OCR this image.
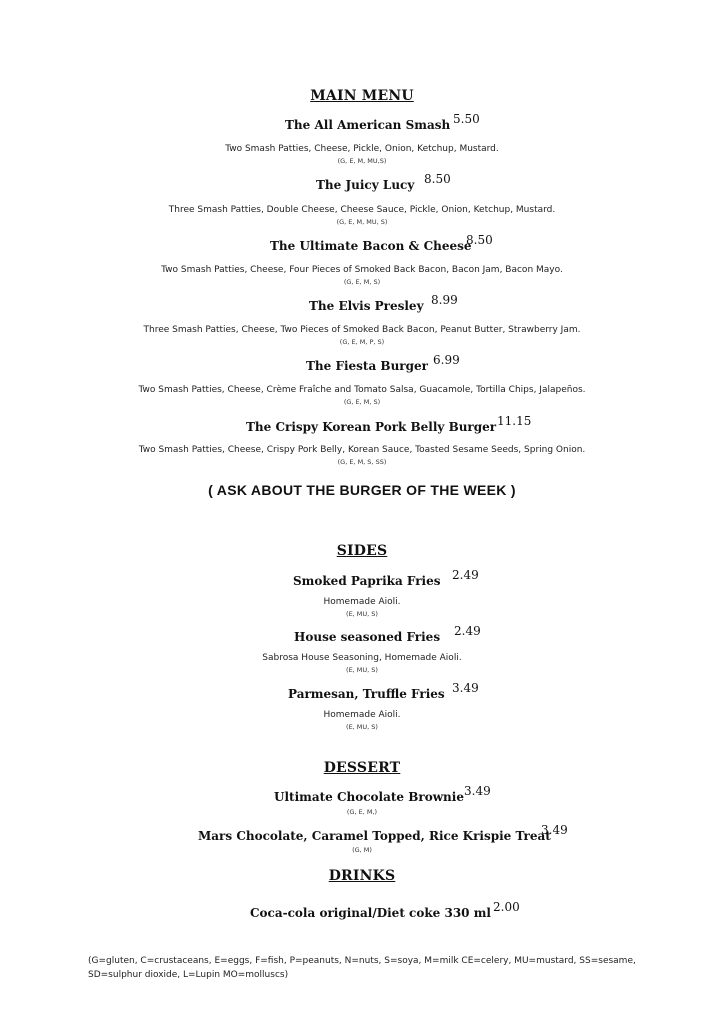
MAIN MENU
The All American Smash 5.50
Two Smash Patties, Cheese, Pickle, Onion, Ketchup, Mustard.
(G, E, M, MU,S)
The Juicy Lucy 8.50
Three Smash Patties, Double Cheese, Cheese Sauce, Pickle, Onion, Ketchup, Mustard.
(G, E, M, MU, S)
The Ultimate Bacon & Cheese
8.50
Two Smash Patties, Cheese, Four Pieces of Smoked Back Bacon, Bacon Jam, Bacon Mayo.
(G, E, M, S)
The Elvis Presley 8.99
Three Smash Patties, Cheese, Two Pieces of Smoked Back Bacon, Peanut Butter, Strawberry Jam.
(G, E, M, P, S)
The Fiesta Burger 6.99
Two Smash Patties, Cheese, Crème Fraîche and Tomato Salsa, Guacamole, Tortilla Chips, Jalapeños.
(G, E, M, S)
The Crispy Korean Pork Belly Burger 11.15
Two Smash Patties, Cheese, Crispy Pork Belly, Korean Sauce, Toasted Sesame Seeds, Spring Onion.
(G, E, M, S, SS)
( ASK ABOUT THE BURGER OF THE WEEK )
SIDES
Smoked Paprika Fries 2.49
Homemade Aioli.
(E, MU, S)
House seasoned Fries 2.49
Sabrosa House Seasoning, Homemade Aioli.
(E, MU, S)
Parmesan, Truffle Fries 3.49
Homemade Aioli.
(E, MU, S)
DESSERT
Ultimate Chocolate Brownie 3.49
(G, E, M,)
Mars Chocolate, Caramel Topped, Rice Krispie Treat
3.49
(G, M)
DRINKS
Coca-cola original/Diet coke 330 ml 2.00
(G=gluten, C=crustaceans, E=eggs, F=fish, P=peanuts, N=nuts, S=soya, M=milk CE=celery, MU=mustard, SS=sesame,
SD=sulphur dioxide, L=Lupin MO=molluscs)
